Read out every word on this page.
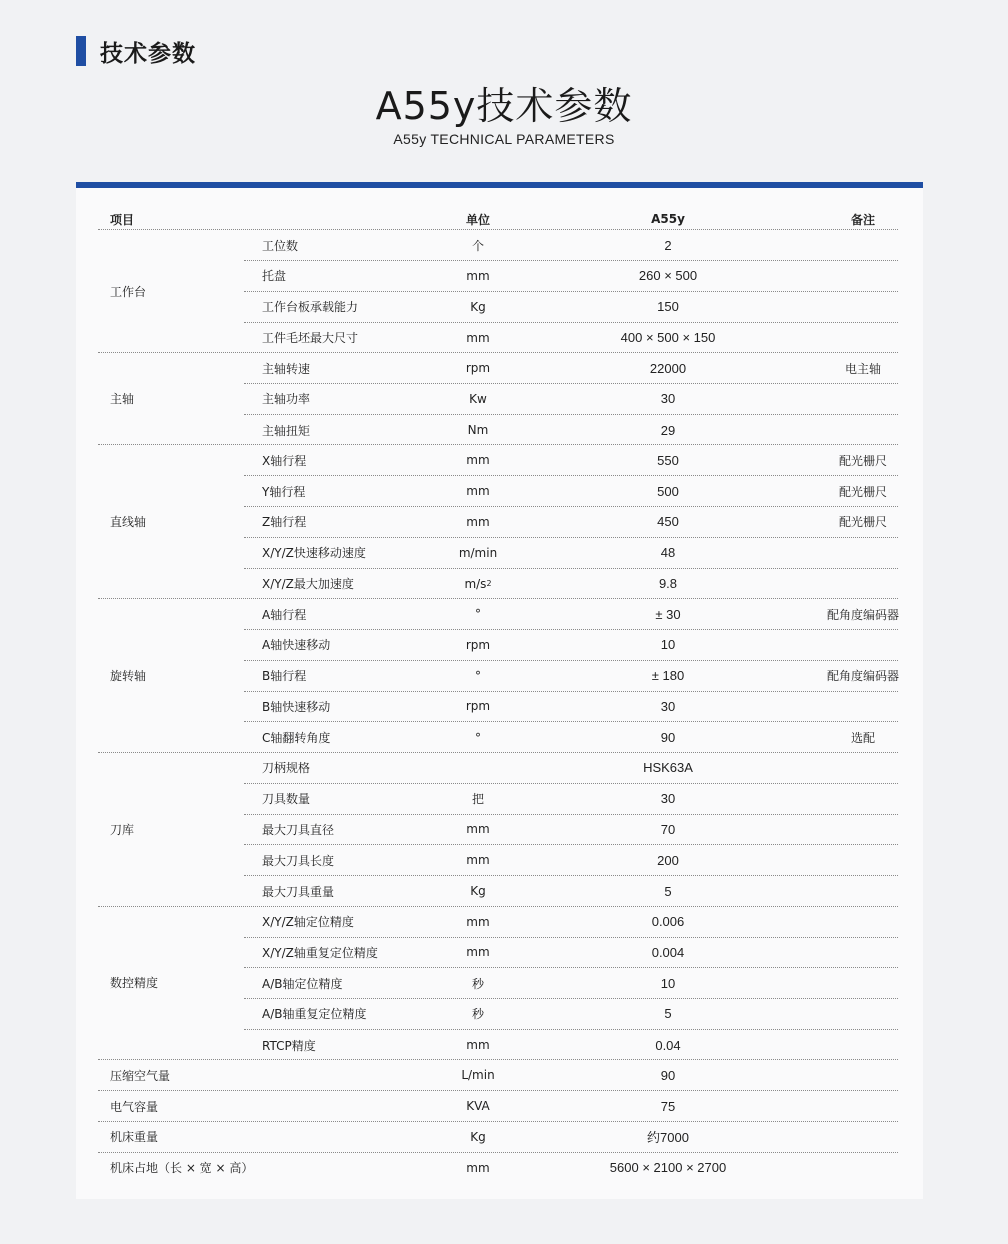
技术参数
A55y技术参数
A55y TECHNICAL PARAMETERS
项目	单位	A55y	备注
工作台
工位数	个	2
托盘	mm	260 × 500
工作台板承载能力	Kg	150
工件毛坯最大尺寸	mm	400 × 500 × 150
主轴
主轴转速	rpm	22000	电主轴
主轴功率	Kw	30
主轴扭矩	Nm	29
直线轴
X轴行程	mm	550	配光栅尺
Y轴行程	mm	500	配光栅尺
Z轴行程	mm	450	配光栅尺
X/Y/Z快速移动速度	m/min	48
X/Y/Z最大加速度	m/s 2	9.8
旋转轴
A轴行程	°	± 30	配角度编码器
A轴快速移动	rpm	10
B轴行程	°	± 180	配角度编码器
B轴快速移动	rpm	30
C轴翻转角度	°	90	选配
刀库
刀柄规格	HSK63A
刀具数量	把	30
最大刀具直径	mm	70
最大刀具长度	mm	200
最大刀具重量	Kg	5
数控精度
X/Y/Z轴定位精度	mm	0.006
X/Y/Z轴重复定位精度	mm	0.004
A/B轴定位精度	秒	10
A/B轴重复定位精度	秒	5
RTCP精度	mm	0.04
压缩空气量	L/min	90
电气容量	KVA	75
机床重量	Kg	约7000
机床占地（长 × 宽 × 高）	mm	5600 × 2100 × 2700
